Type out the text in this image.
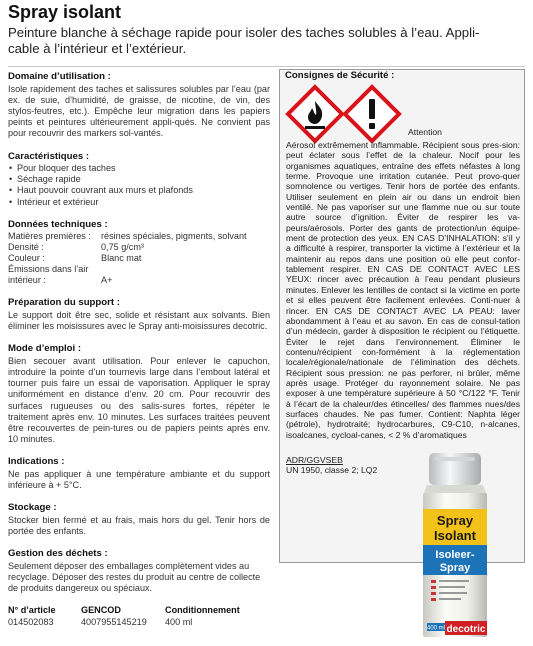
Spray isolant
Peinture blanche à séchage rapide pour isoler des taches solubles à l’eau. Appli-
cable à l’intérieur et l’extérieur.
Domaine d’utilisation :
Isole rapidement des taches et salissures solubles par l’eau (par ex. de suie, d’humidité, de graisse, de nicotine, de vin, des stylos-feutres, etc.). Empêche leur migration dans les papiers peints et peintures ultérieurement appli-qués. Ne convient pas pour recouvrir des markers sol-vantés.
Caractéristiques :
• Pour bloquer des taches
• Séchage rapide
• Haut pouvoir couvrant aux murs et plafonds
• Intérieur et extérieur
Données techniques :
Matières premières :	résines spéciales, pigments, solvant
Densité :	0,75 g/cm³
Couleur :	Blanc mat
Émissions dans l’air intérieur :	A+
Préparation du support :
Le support doit être sec, solide et résistant aux solvants. Bien éliminer les moisissures avec le Spray anti-moisissures decotric.
Mode d’emploi :
Bien secouer avant utilisation. Pour enlever le capuchon, introduire la pointe d’un tournevis large dans l’embout latéral et tourner puis faire un essai de vaporisation. Appliquer le spray uniformément en distance d’env. 20 cm. Pour recouvrir des surfaces rugueuses ou des salis-sures fortes, répéter le traitement après env. 10 minutes. Les surfaces traitées peuvent être recouvertes de pein-tures ou de papiers peints après env. 10 minutes.
Indications :
Ne pas appliquer à une température ambiante et du support inférieure à + 5°C.
Stockage :
Stocker bien fermé et au frais, mais hors du gel. Tenir hors de portée des enfants.
Gestion des déchets :
Seulement déposer des emballages complètement vides au recyclage. Déposer des restes du produit au centre de collecte de produits dangereux ou spéciaux.
N° d’article	GENCOD	Conditionnement
014502083	4007955145219	400 ml
Consignes de Sécurité :
Attention
Aérosol extrêmement inflammable. Récipient sous pres-sion: peut éclater sous l’effet de la chaleur. Nocif pour les organismes aquatiques, entraîne des effets néfastes à long terme. Provoque une irritation cutanée. Peut provo-quer somnolence ou vertiges. Tenir hors de portée des enfants. Utiliser seulement en plein air ou dans un endroit bien ventilé. Ne pas vaporiser sur une flamme nue ou sur toute autre source d’ignition. Éviter de respirer les va-peurs/aérosols. Porter des gants de protection/un équipe-ment de protection des yeux. EN CAS D’INHALATION: s’il y a difficulté à respirer, transporter la victime à l’extérieur et la maintenir au repos dans une position où elle peut confor-tablement respirer. EN CAS DE CONTACT AVEC LES YEUX: rincer avec précaution à l’eau pendant plusieurs minutes. Enlever les lentilles de contact si la victime en porte et si elles peuvent être facilement enlevées. Conti-nuer à rincer. EN CAS DE CONTACT AVEC LA PEAU: laver abondamment à l’eau et au savon. En cas de consul-tation d’un médecin, garder à disposition le récipient ou l’étiquette. Éviter le rejet dans l’environnement. Éliminer le contenu/récipient con-formément à la réglementation locale/régionale/nationale de l’élimination des déchets. Récipient sous pression: ne pas perforer, ni brûler, même après usage. Protéger du rayonnement solaire. Ne pas exposer à une température supérieure à 50 °C/122 °F. Tenir à l’écart de la chaleur/des étincelles/ des flammes nues/des surfaces chaudes. Ne pas fumer. Contient: Naphta léger (pétrole), hydrotraité; hydrocarbures, C9-C10, n-alcanes, isoalcanes, cycloal-canes, < 2 % d’aromatiques
ADR/GGVSEB
UN 1950, classe 2; LQ2
Spray
Isolant
Isoleer-
Spray
400 ml decotric
